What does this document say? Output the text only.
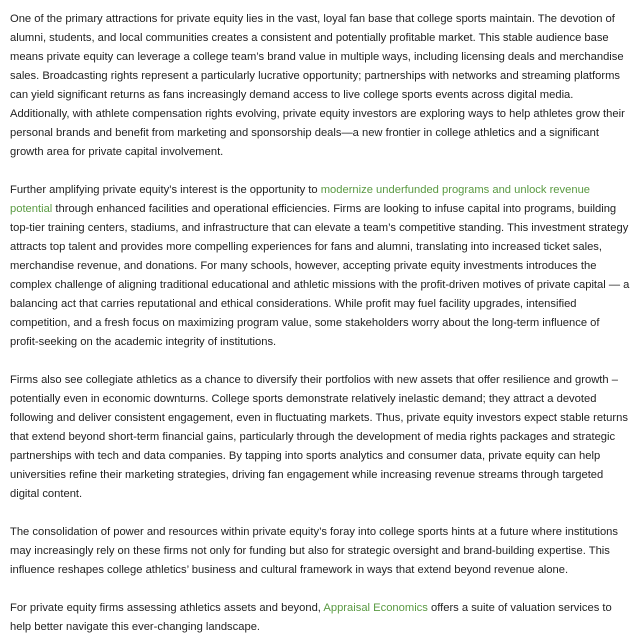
One of the primary attractions for private equity lies in the vast, loyal fan base that college sports maintain. The devotion of alumni, students, and local communities creates a consistent and potentially profitable market. This stable audience base means private equity can leverage a college team’s brand value in multiple ways, including licensing deals and merchandise sales. Broadcasting rights represent a particularly lucrative opportunity; partnerships with networks and streaming platforms can yield significant returns as fans increasingly demand access to live college sports events across digital media. Additionally, with athlete compensation rights evolving, private equity investors are exploring ways to help athletes grow their personal brands and benefit from marketing and sponsorship deals—a new frontier in college athletics and a significant growth area for private capital involvement.

Further amplifying private equity’s interest is the opportunity to modernize underfunded programs and unlock revenue potential through enhanced facilities and operational efficiencies. Firms are looking to infuse capital into programs, building top-tier training centers, stadiums, and infrastructure that can elevate a team’s competitive standing. This investment strategy attracts top talent and provides more compelling experiences for fans and alumni, translating into increased ticket sales, merchandise revenue, and donations. For many schools, however, accepting private equity investments introduces the complex challenge of aligning traditional educational and athletic missions with the profit-driven motives of private capital — a balancing act that carries reputational and ethical considerations. While profit may fuel facility upgrades, intensified competition, and a fresh focus on maximizing program value, some stakeholders worry about the long-term influence of profit-seeking on the academic integrity of institutions.

Firms also see collegiate athletics as a chance to diversify their portfolios with new assets that offer resilience and growth – potentially even in economic downturns. College sports demonstrate relatively inelastic demand; they attract a devoted following and deliver consistent engagement, even in fluctuating markets. Thus, private equity investors expect stable returns that extend beyond short-term financial gains, particularly through the development of media rights packages and strategic partnerships with tech and data companies. By tapping into sports analytics and consumer data, private equity can help universities refine their marketing strategies, driving fan engagement while increasing revenue streams through targeted digital content.

The consolidation of power and resources within private equity’s foray into college sports hints at a future where institutions may increasingly rely on these firms not only for funding but also for strategic oversight and brand-building expertise. This influence reshapes college athletics’ business and cultural framework in ways that extend beyond revenue alone.

For private equity firms assessing athletics assets and beyond, Appraisal Economics offers a suite of valuation services to help better navigate this ever-changing landscape.
